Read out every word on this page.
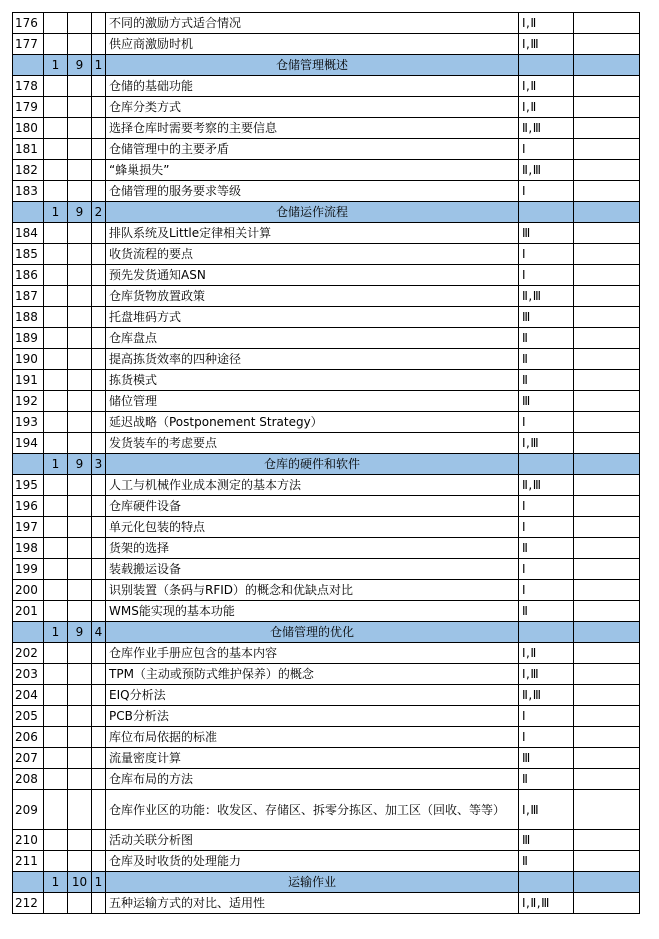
176				不同的激励方式适合情况	Ⅰ,Ⅱ	
177				供应商激励时机	Ⅰ,Ⅲ	
	1	9	1	仓储管理概述		
178				仓储的基础功能	Ⅰ,Ⅱ	
179				仓库分类方式	Ⅰ,Ⅱ	
180				选择仓库时需要考察的主要信息	Ⅱ,Ⅲ	
181				仓储管理中的主要矛盾	Ⅰ	
182				“蜂巢损失”	Ⅱ,Ⅲ	
183				仓储管理的服务要求等级	Ⅰ	
	1	9	2	仓储运作流程		
184				排队系统及Little定律相关计算	Ⅲ	
185				收货流程的要点	Ⅰ	
186				预先发货通知ASN	Ⅰ	
187				仓库货物放置政策	Ⅱ,Ⅲ	
188				托盘堆码方式	Ⅲ	
189				仓库盘点	Ⅱ	
190				提高拣货效率的四种途径	Ⅱ	
191				拣货模式	Ⅱ	
192				储位管理	Ⅲ	
193				延迟战略（Postponement Strategy）	Ⅰ	
194				发货装车的考虑要点	Ⅰ,Ⅲ	
	1	9	3	仓库的硬件和软件		
195				人工与机械作业成本测定的基本方法	Ⅱ,Ⅲ	
196				仓库硬件设备	Ⅰ	
197				单元化包装的特点	Ⅰ	
198				货架的选择	Ⅱ	
199				装载搬运设备	Ⅰ	
200				识别装置（条码与RFID）的概念和优缺点对比	Ⅰ	
201				WMS能实现的基本功能	Ⅱ	
	1	9	4	仓储管理的优化		
202				仓库作业手册应包含的基本内容	Ⅰ,Ⅱ	
203				TPM（主动或预防式维护保养）的概念	Ⅰ,Ⅲ	
204				EIQ分析法	Ⅱ,Ⅲ	
205				PCB分析法	Ⅰ	
206				库位布局依据的标准	Ⅰ	
207				流量密度计算	Ⅲ	
208				仓库布局的方法	Ⅱ	
209				仓库作业区的功能：收发区、存储区、拆零分拣区、加工区（回收、等等）	Ⅰ,Ⅲ	
210				活动关联分析图	Ⅲ	
211				仓库及时收货的处理能力	Ⅱ	
	1	10	1	运输作业		
212				五种运输方式的对比、适用性	Ⅰ,Ⅱ,Ⅲ	
